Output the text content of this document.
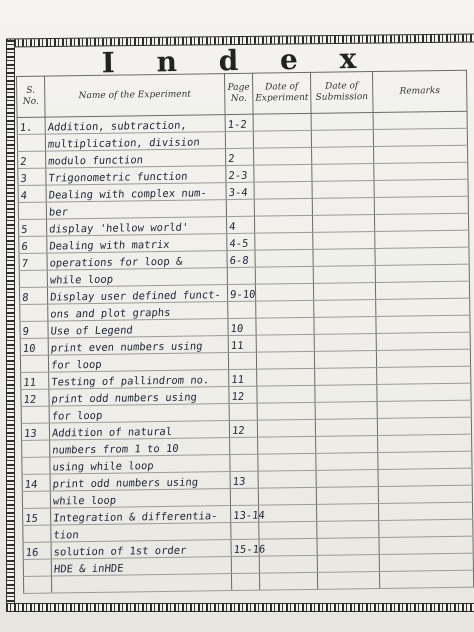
I n d e x
S. No.	Name of the Experiment	Page No.	Date of Experiment	Date of Submission	Remarks
1.	Addition, subtraction,	1-2			
	multiplication, division				
2	modulo function	2			
3	Trigonometric function	2-3			
4	Dealing with complex num-	3-4			
	ber				
5	display 'hellow world'	4			
6	Dealing with matrix	4-5			
7	operations for loop &	6-8			
	while loop				
8	Display user defined funct-	9-10			
	ons and plot graphs				
9	Use of Legend	10			
10	print even numbers using	11			
	for loop				
11	Testing of pallindrom no.	11			
12	print odd numbers using	12			
	for loop				
13	Addition of natural	12			
	numbers from 1 to 10				
	using while loop				
14	print odd numbers using	13			
	while loop				
15	Integration & differentia-	13-14			
	tion				
16	solution of 1st order	15-16			
	HDE & inHDE				
